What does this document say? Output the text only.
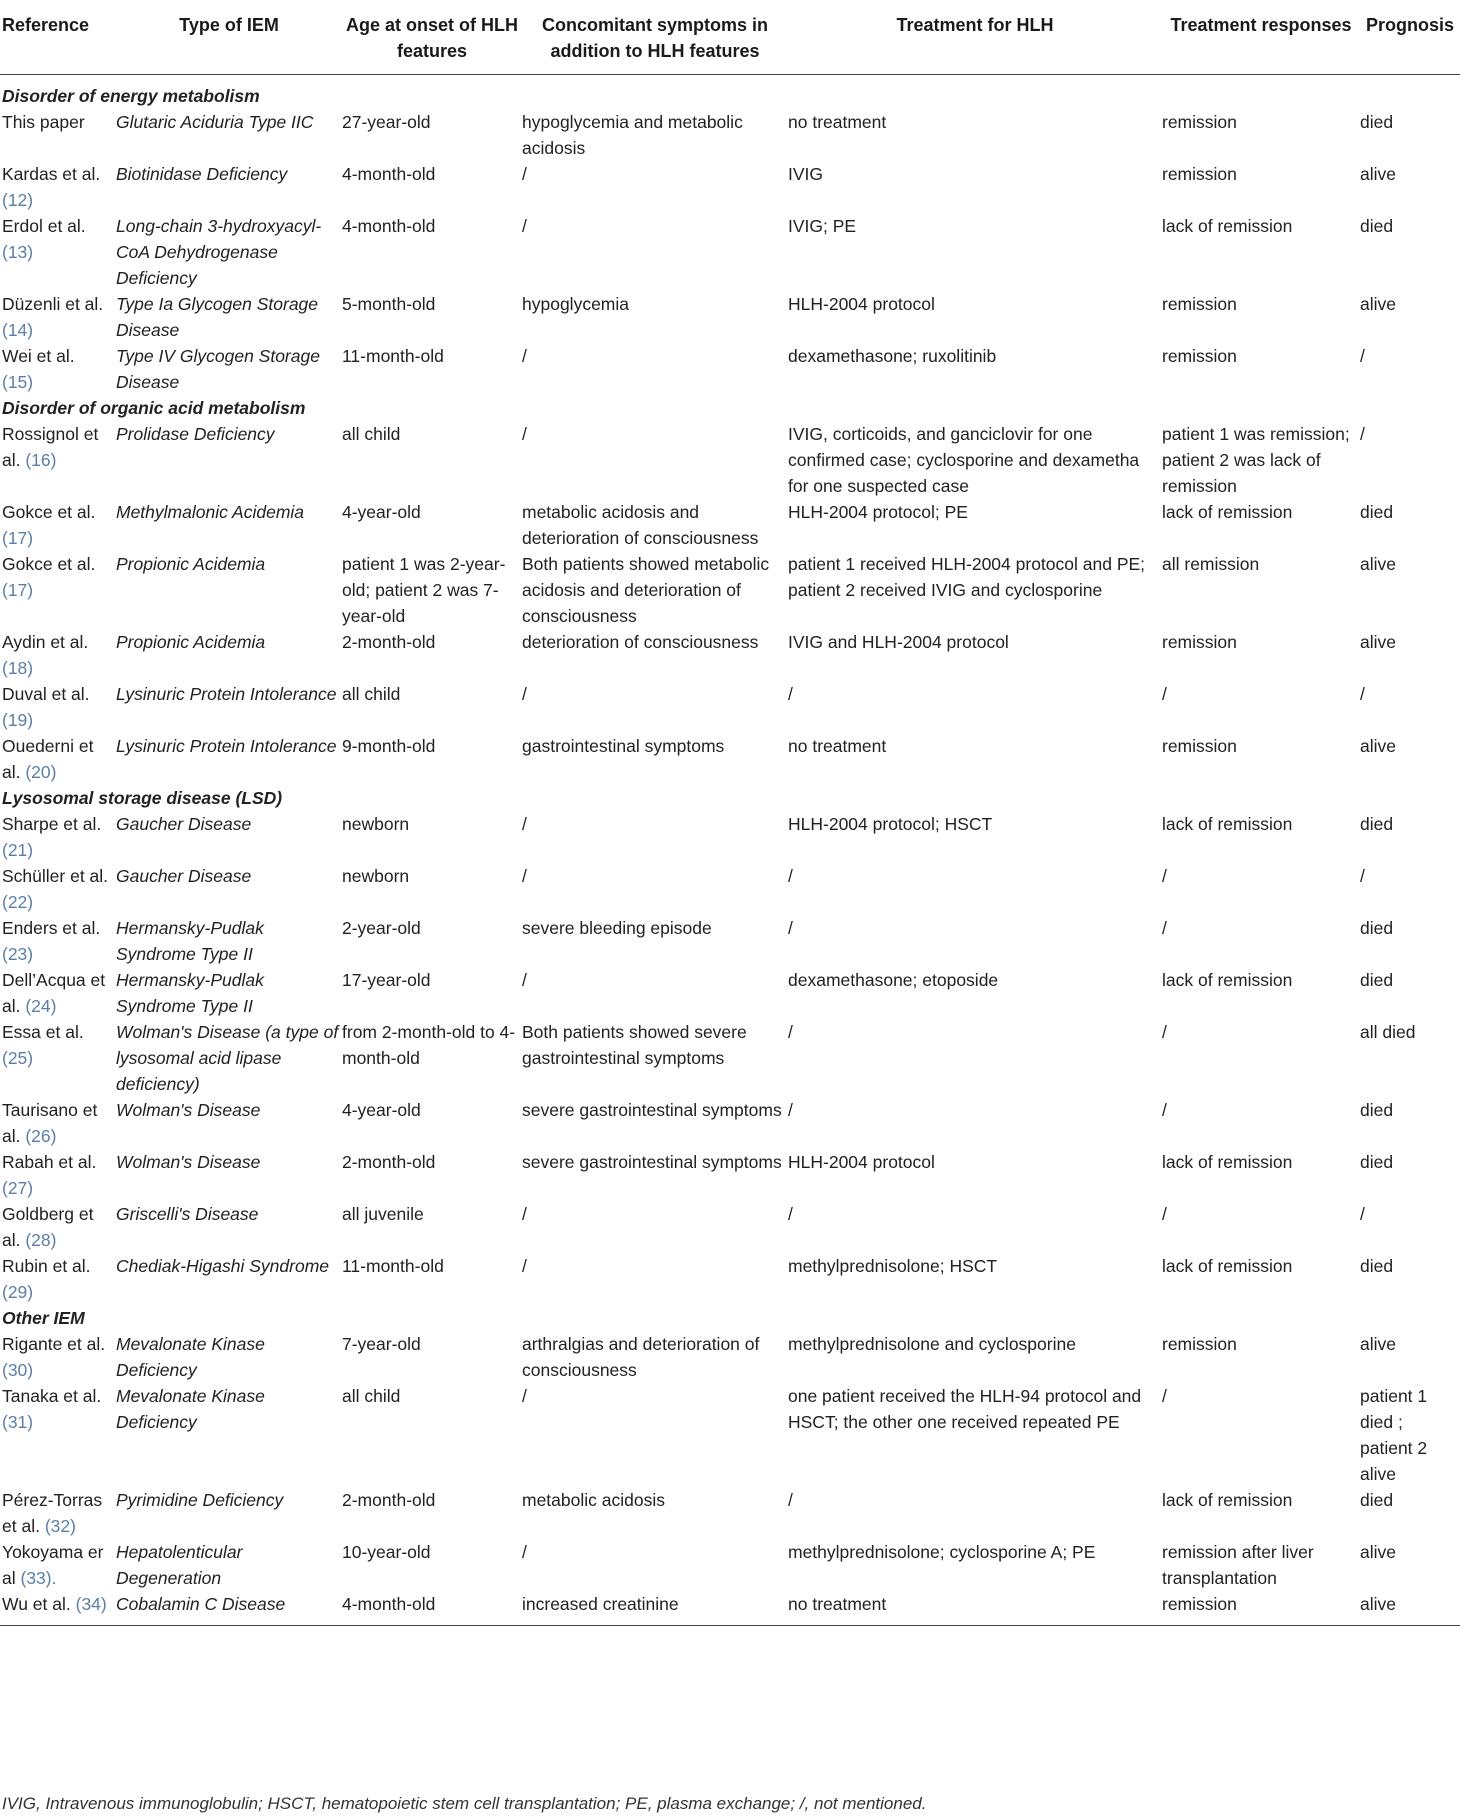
Reference	Type of IEM	Age at onset of HLH features	Concomitant symptoms in addition to HLH features	Treatment for HLH	Treatment responses	Prognosis
Disorder of energy metabolism						
This paper	Glutaric Aciduria Type IIC	27-year-old	hypoglycemia and metabolic acidosis	no treatment	remission	died
Kardas et al. (12)	Biotinidase Deficiency	4-month-old	/	IVIG	remission	alive
Erdol et al. (13)	Long-chain 3-hydroxyacyl-CoA Dehydrogenase Deficiency	4-month-old	/	IVIG; PE	lack of remission	died
Düzenli et al. (14)	Type Ia Glycogen Storage Disease	5-month-old	hypoglycemia	HLH-2004 protocol	remission	alive
Wei et al. (15)	Type IV Glycogen Storage Disease	11-month-old	/	dexamethasone; ruxolitinib	remission	/
Disorder of organic acid metabolism						
Rossignol et al. (16)	Prolidase Deficiency	all child	/	IVIG, corticoids, and ganciclovir for one confirmed case; cyclosporine and dexametha for one suspected case	patient 1 was remission; patient 2 was lack of remission	/
Gokce et al. (17)	Methylmalonic Acidemia	4-year-old	metabolic acidosis and deterioration of consciousness	HLH-2004 protocol; PE	lack of remission	died
Gokce et al. (17)	Propionic Acidemia	patient 1 was 2-year-old; patient 2 was 7-year-old	Both patients showed metabolic acidosis and deterioration of consciousness	patient 1 received HLH-2004 protocol and PE; patient 2 received IVIG and cyclosporine	all remission	alive
Aydin et al. (18)	Propionic Acidemia	2-month-old	deterioration of consciousness	IVIG and HLH-2004 protocol	remission	alive
Duval et al. (19)	Lysinuric Protein Intolerance	all child	/	/	/	/
Ouederni et al. (20)	Lysinuric Protein Intolerance	9-month-old	gastrointestinal symptoms	no treatment	remission	alive
Lysosomal storage disease (LSD)						
Sharpe et al. (21)	Gaucher Disease	newborn	/	HLH-2004 protocol; HSCT	lack of remission	died
Schüller et al. (22)	Gaucher Disease	newborn	/	/	/	/
Enders et al. (23)	Hermansky-Pudlak Syndrome Type II	2-year-old	severe bleeding episode	/	/	died
Dell’Acqua et al. (24)	Hermansky-Pudlak Syndrome Type II	17-year-old	/	dexamethasone; etoposide	lack of remission	died
Essa et al. (25)	Wolman's Disease (a type of lysosomal acid lipase deficiency)	from 2-month-old to 4-month-old	Both patients showed severe gastrointestinal symptoms	/	/	all died
Taurisano et al. (26)	Wolman's Disease	4-year-old	severe gastrointestinal symptoms	/	/	died
Rabah et al. (27)	Wolman's Disease	2-month-old	severe gastrointestinal symptoms	HLH-2004 protocol	lack of remission	died
Goldberg et al. (28)	Griscelli's Disease	all juvenile	/	/	/	/
Rubin et al. (29)	Chediak-Higashi Syndrome	11-month-old	/	methylprednisolone; HSCT	lack of remission	died
Other IEM						
Rigante et al. (30)	Mevalonate Kinase Deficiency	7-year-old	arthralgias and deterioration of consciousness	methylprednisolone and cyclosporine	remission	alive
Tanaka et al. (31)	Mevalonate Kinase Deficiency	all child	/	one patient received the HLH-94 protocol and HSCT; the other one received repeated PE	/	patient 1 died ; patient 2 alive
Pérez-Torras et al. (32)	Pyrimidine Deficiency	2-month-old	metabolic acidosis	/	lack of remission	died
Yokoyama er al (33).	Hepatolenticular Degeneration	10-year-old	/	methylprednisolone; cyclosporine A; PE	remission after liver transplantation	alive
Wu et al. (34)	Cobalamin C Disease	4-month-old	increased creatinine	no treatment	remission	alive
IVIG, Intravenous immunoglobulin; HSCT, hematopoietic stem cell transplantation; PE, plasma exchange; /, not mentioned.
